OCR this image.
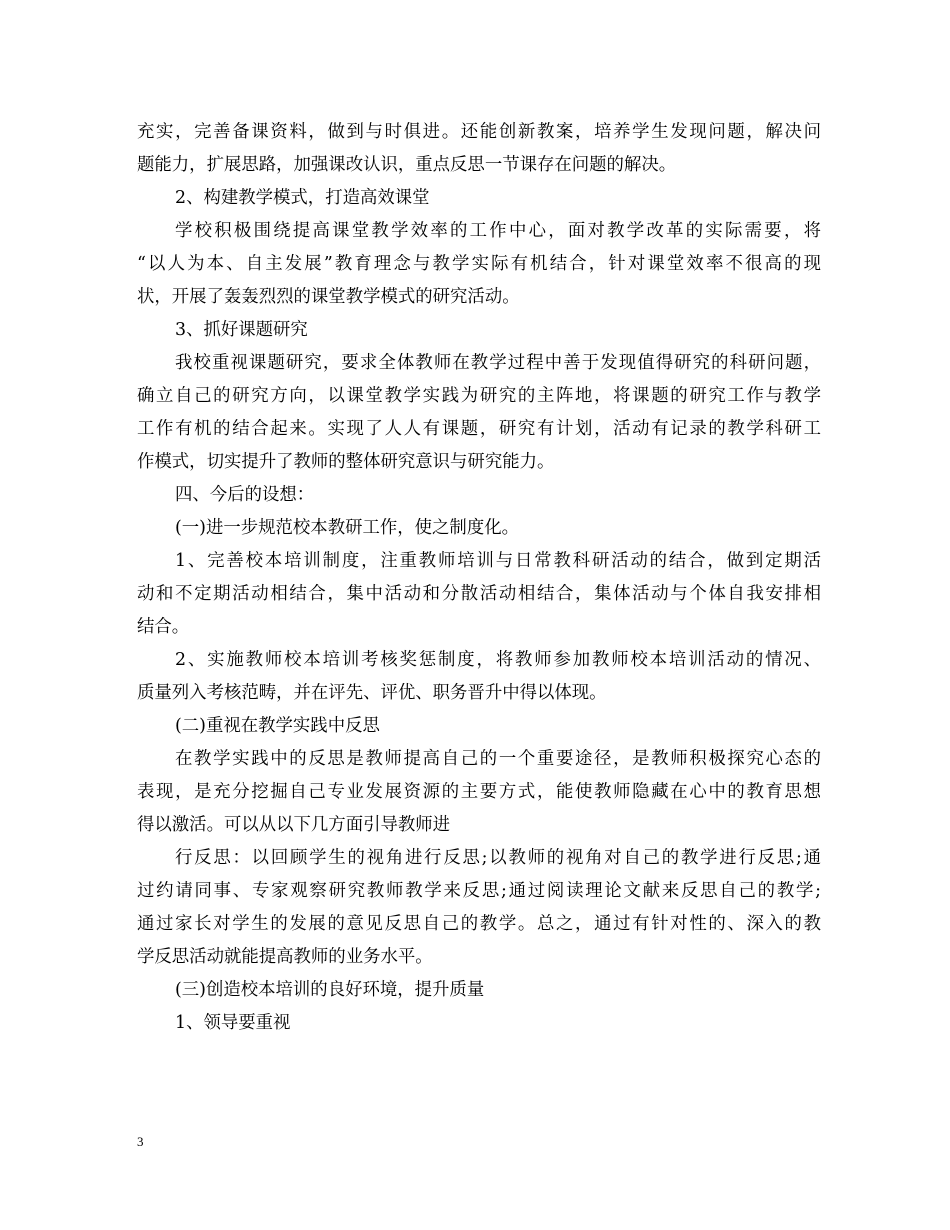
充实，完善备课资料，做到与时俱进。还能创新教案，培养学生发现问题，解决问
题能力，扩展思路，加强课改认识，重点反思一节课存在问题的解决。
2、构建教学模式，打造高效课堂
学校积极围绕提高课堂教学效率的工作中心，面对教学改革的实际需要，将
“以人为本、自主发展”教育理念与教学实际有机结合，针对课堂效率不很高的现
状，开展了轰轰烈烈的课堂教学模式的研究活动。
3、抓好课题研究
我校重视课题研究，要求全体教师在教学过程中善于发现值得研究的科研问题，
确立自己的研究方向，以课堂教学实践为研究的主阵地，将课题的研究工作与教学
工作有机的结合起来。实现了人人有课题，研究有计划，活动有记录的教学科研工
作模式，切实提升了教师的整体研究意识与研究能力。
四、今后的设想：
(一)进一步规范校本教研工作，使之制度化。
1、完善校本培训制度，注重教师培训与日常教科研活动的结合，做到定期活
动和不定期活动相结合，集中活动和分散活动相结合，集体活动与个体自我安排相
结合。
2、实施教师校本培训考核奖惩制度，将教师参加教师校本培训活动的情况、
质量列入考核范畴，并在评先、评优、职务晋升中得以体现。
(二)重视在教学实践中反思
在教学实践中的反思是教师提高自己的一个重要途径，是教师积极探究心态的
表现，是充分挖掘自己专业发展资源的主要方式，能使教师隐藏在心中的教育思想
得以激活。可以从以下几方面引导教师进
行反思：以回顾学生的视角进行反思;以教师的视角对自己的教学进行反思;通
过约请同事、专家观察研究教师教学来反思;通过阅读理论文献来反思自己的教学;
通过家长对学生的发展的意见反思自己的教学。总之，通过有针对性的、深入的教
学反思活动就能提高教师的业务水平。
(三)创造校本培训的良好环境，提升质量
1、领导要重视
3
